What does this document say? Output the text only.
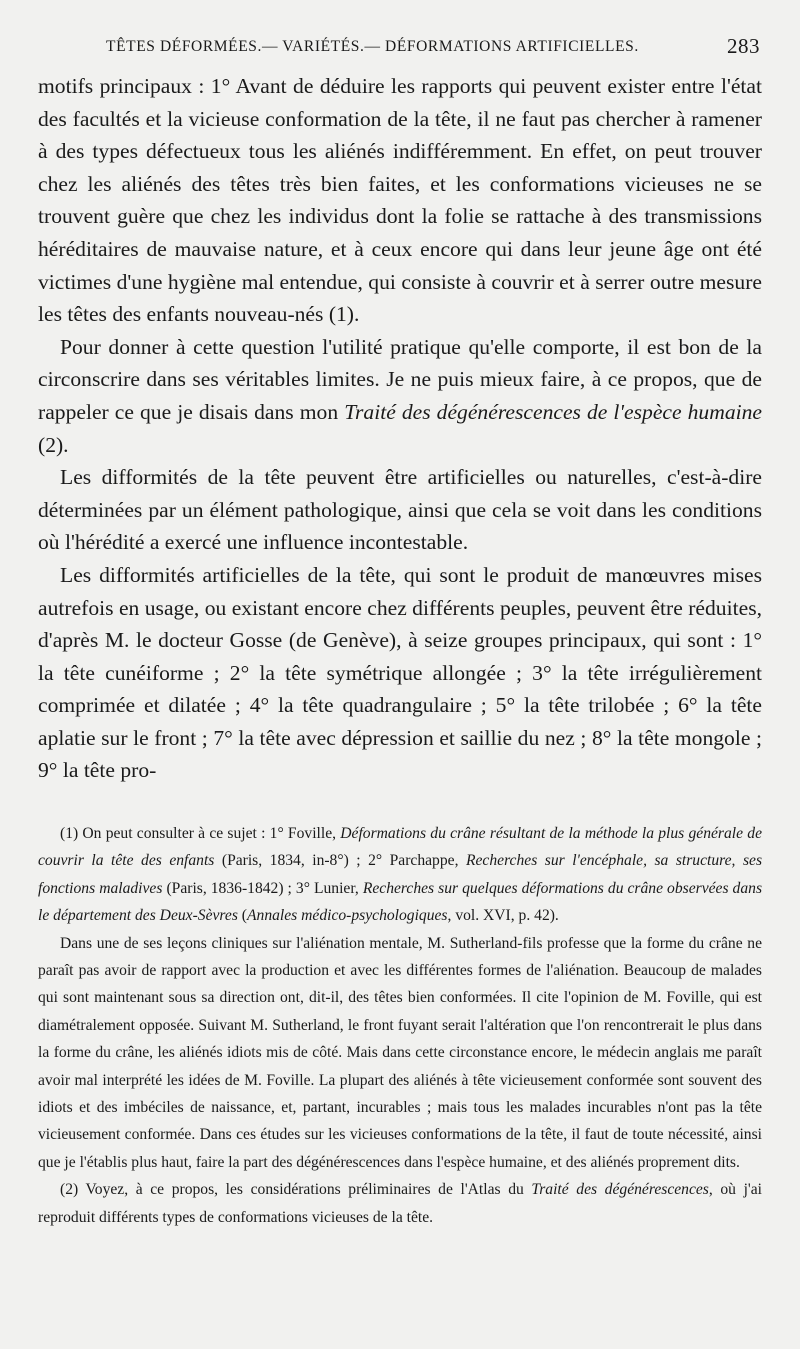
TÊTES DÉFORMÉES.— VARIÉTÉS.— DÉFORMATIONS ARTIFICIELLES.	283

motifs principaux : 1° Avant de déduire les rapports qui peuvent exister entre l'état des facultés et la vicieuse conformation de la tête, il ne faut pas chercher à ramener à des types défectueux tous les aliénés indifféremment. En effet, on peut trouver chez les aliénés des têtes très bien faites, et les conformations vicieuses ne se trouvent guère que chez les individus dont la folie se rattache à des transmissions héréditaires de mauvaise nature, et à ceux encore qui dans leur jeune âge ont été victimes d'une hygiène mal entendue, qui consiste à couvrir et à serrer outre mesure les têtes des enfants nouveau-nés (1).

Pour donner à cette question l'utilité pratique qu'elle comporte, il est bon de la circonscrire dans ses véritables limites. Je ne puis mieux faire, à ce propos, que de rappeler ce que je disais dans mon Traité des dégénérescences de l'espèce humaine (2).

Les difformités de la tête peuvent être artificielles ou naturelles, c'est-à-dire déterminées par un élément pathologique, ainsi que cela se voit dans les conditions où l'hérédité a exercé une influence incontestable.

Les difformités artificielles de la tête, qui sont le produit de manœuvres mises autrefois en usage, ou existant encore chez différents peuples, peuvent être réduites, d'après M. le docteur Gosse (de Genève), à seize groupes principaux, qui sont : 1° la tête cunéiforme ; 2° la tête symétrique allongée ; 3° la tête irrégulièrement comprimée et dilatée ; 4° la tête quadrangulaire ; 5° la tête trilobée ; 6° la tête aplatie sur le front ; 7° la tête avec dépression et saillie du nez ; 8° la tête mongole ; 9° la tête pro-

(1) On peut consulter à ce sujet : 1° Foville, Déformations du crâne résultant de la méthode la plus générale de couvrir la tête des enfants (Paris, 1834, in-8°) ; 2° Parchappe, Recherches sur l'encéphale, sa structure, ses fonctions maladives (Paris, 1836-1842) ; 3° Lunier, Recherches sur quelques déformations du crâne observées dans le département des Deux-Sèvres (Annales médico-psychologiques, vol. XVI, p. 42).

Dans une de ses leçons cliniques sur l'aliénation mentale, M. Sutherland-fils professe que la forme du crâne ne paraît pas avoir de rapport avec la production et avec les différentes formes de l'aliénation. Beaucoup de malades qui sont maintenant sous sa direction ont, dit-il, des têtes bien conformées. Il cite l'opinion de M. Foville, qui est diamétralement opposée. Suivant M. Sutherland, le front fuyant serait l'altération que l'on rencontrerait le plus dans la forme du crâne, les aliénés idiots mis de côté. Mais dans cette circonstance encore, le médecin anglais me paraît avoir mal interprété les idées de M. Foville. La plupart des aliénés à tête vicieusement conformée sont souvent des idiots et des imbéciles de naissance, et, partant, incurables ; mais tous les malades incurables n'ont pas la tête vicieusement conformée. Dans ces études sur les vicieuses conformations de la tête, il faut de toute nécessité, ainsi que je l'établis plus haut, faire la part des dégénérescences dans l'espèce humaine, et des aliénés proprement dits.

(2) Voyez, à ce propos, les considérations préliminaires de l'Atlas du Traité des dégénérescences, où j'ai reproduit différents types de conformations vicieuses de la tête.
